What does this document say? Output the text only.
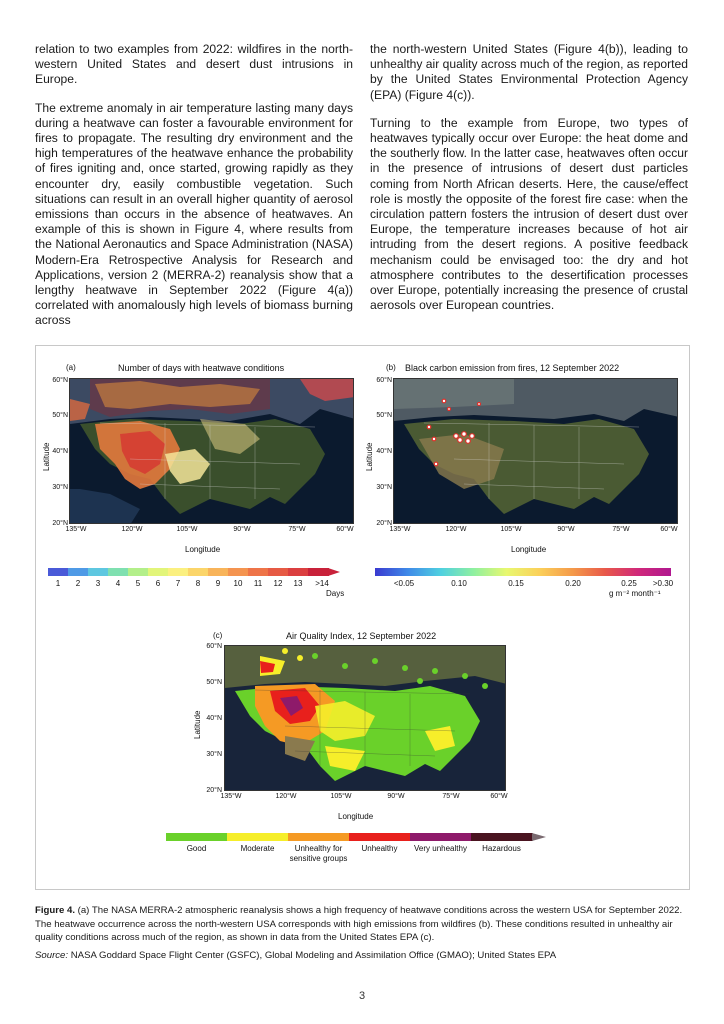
relation to two examples from 2022: wildfires in the north-western United States and desert dust intrusions in Europe.

The extreme anomaly in air temperature lasting many days during a heatwave can foster a favourable environment for fires to propagate. The resulting dry environment and the high temperatures of the heatwave enhance the probability of fires igniting and, once started, growing rapidly as they encounter dry, easily combustible vegetation. Such situations can result in an overall higher quantity of aerosol emissions than occurs in the absence of heatwaves. An example of this is shown in Figure 4, where results from the National Aeronautics and Space Administration (NASA) Modern-Era Retrospective Analysis for Research and Applications, version 2 (MERRA-2) reanalysis show that a lengthy heatwave in September 2022 (Figure 4(a)) correlated with anomalously high levels of biomass burning across

the north-western United States (Figure 4(b)), leading to unhealthy air quality across much of the region, as reported by the United States Environmental Protection Agency (EPA) (Figure 4(c)).

Turning to the example from Europe, two types of heatwaves typically occur over Europe: the heat dome and the southerly flow. In the latter case, heatwaves often occur in the presence of intrusions of desert dust particles coming from North African deserts. Here, the cause/effect role is mostly the opposite of the forest fire case: when the circulation pattern fosters the intrusion of desert dust over Europe, the temperature increases because of hot air intruding from the desert regions. A positive feedback mechanism could be envisaged too: the dry and hot atmosphere contributes to the desertification processes over Europe, potentially increasing the presence of crustal aerosols over European countries.

(a)	Number of days with heatwave conditions
Latitude
60°N
50°N
40°N
30°N
20°N
135°W	120°W	105°W	90°W	75°W	60°W
Longitude
1 2 3 4 5 6 7 8 9 10 11 12 13 >14
Days
(b) Black carbon emission from fires, 12 September 2022
Latitude
60°N
50°N
40°N
30°N
20°N
135°W	120°W	105°W	90°W	75°W	60°W
Longitude
<0.05	0.10	0.15	0.20	0.25 >0.30
g m⁻² month⁻¹
(c)	Air Quality Index, 12 September 2022
Latitude
60°N
50°N
40°N
30°N
20°N
135°W	120°W	105°W	90°W	75°W	60°W
Longitude
Good	Moderate	Unhealthy for sensitive groups
Unhealthy	Very unhealthy	Hazardous
Figure 4. (a) The NASA MERRA-2 atmospheric reanalysis shows a high frequency of heatwave conditions across the western USA for September 2022. The heatwave occurrence across the north-western USA corresponds with high emissions from wildfires (b). These conditions resulted in unhealthy air quality conditions across much of the region, as shown in data from the United States EPA (c).
Source: NASA Goddard Space Flight Center (GSFC), Global Modeling and Assimilation Office (GMAO); United States EPA
3
